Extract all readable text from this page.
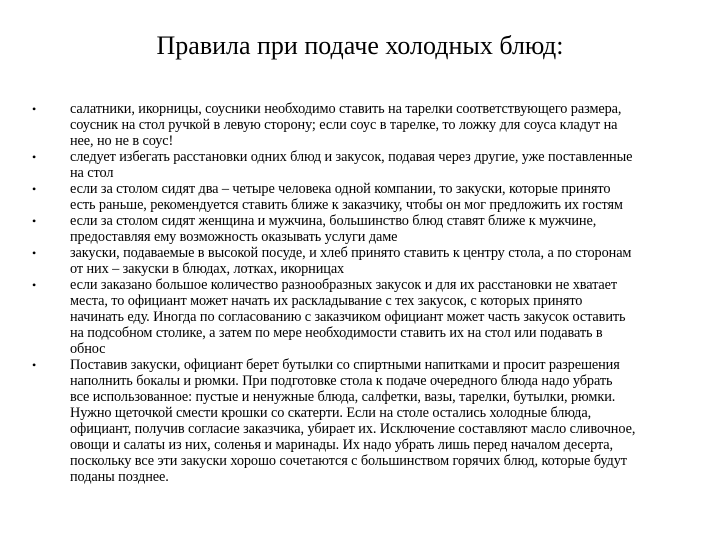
Правила при подаче холодных блюд:
• салатники, икорницы, соусники необходимо ставить на тарелки соответствующего размера,
соусник на стол ручкой в левую сторону; если соус в тарелке, то ложку для соуса кладут на
нее, но не в соус!
• следует избегать расстановки одних блюд и закусок, подавая через другие, уже поставленные
на стол
• если за столом сидят два – четыре человека одной компании, то закуски, которые принято
есть раньше, рекомендуется ставить ближе к заказчику, чтобы он мог предложить их гостям
• если за столом сидят женщина и мужчина, большинство блюд ставят ближе к мужчине,
предоставляя ему возможность оказывать услуги даме
• закуски, подаваемые в высокой посуде, и хлеб принято ставить к центру стола, а по сторонам
от них – закуски в блюдах, лотках, икорницах
• если заказано большое количество разнообразных закусок и для их расстановки не хватает
места, то официант может начать их раскладывание с тех закусок, с которых принято
начинать еду. Иногда по согласованию с заказчиком официант может часть закусок оставить
на подсобном столике, а затем по мере необходимости ставить их на стол или подавать в
обнос
• Поставив закуски, официант берет бутылки со спиртными напитками и просит разрешения
наполнить бокалы и рюмки. При подготовке стола к подаче очередного блюда надо убрать
все использованное: пустые и ненужные блюда, салфетки, вазы, тарелки, бутылки, рюмки.
Нужно щеточкой смести крошки со скатерти. Если на столе остались холодные блюда,
официант, получив согласие заказчика, убирает их. Исключение составляют масло сливочное,
овощи и салаты из них, соленья и маринады. Их надо убрать лишь перед началом десерта,
поскольку все эти закуски хорошо сочетаются с большинством горячих блюд, которые будут
поданы позднее.
